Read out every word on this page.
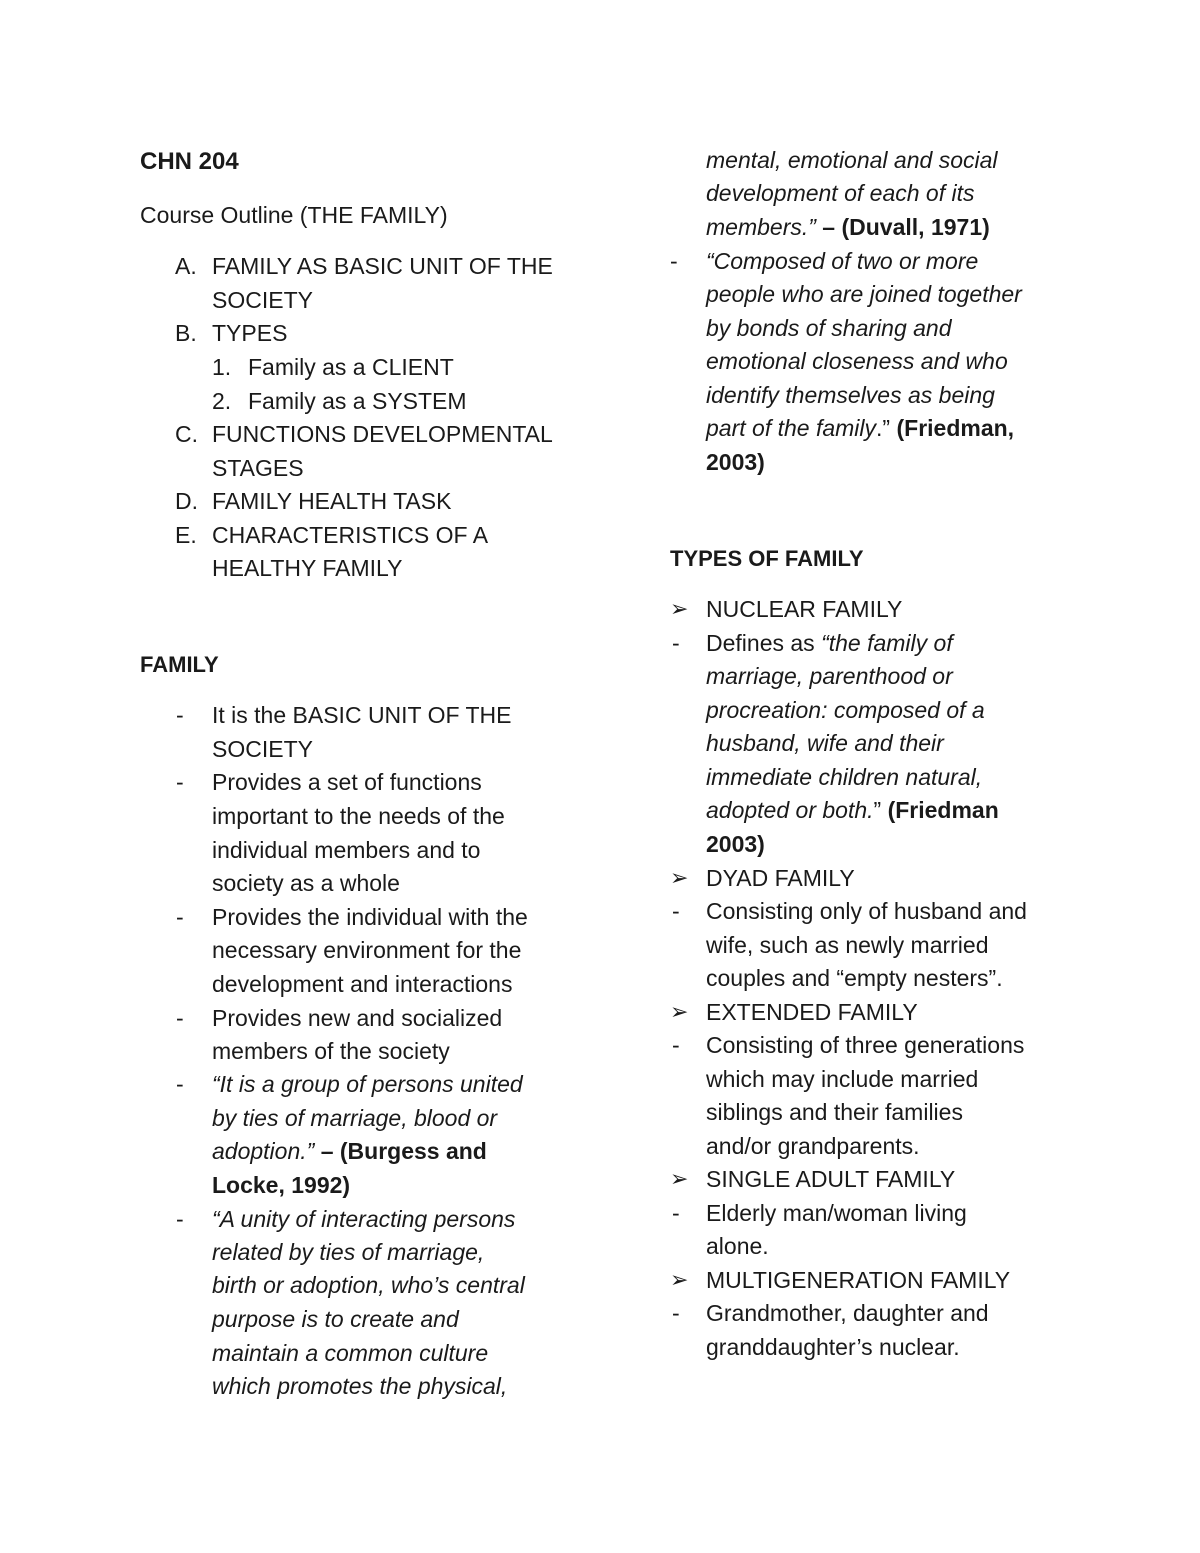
CHN 204
Course Outline (THE FAMILY)
A. FAMILY AS BASIC UNIT OF THE
SOCIETY
B. TYPES
1. Family as a CLIENT
2. Family as a SYSTEM
C. FUNCTIONS DEVELOPMENTAL
STAGES
D. FAMILY HEALTH TASK
E. CHARACTERISTICS OF A
HEALTHY FAMILY
FAMILY
- It is the BASIC UNIT OF THE
SOCIETY
- Provides a set of functions
important to the needs of the
individual members and to
society as a whole
- Provides the individual with the
necessary environment for the
development and interactions
- Provides new and socialized
members of the society
- “It is a group of persons united
by ties of marriage, blood or
adoption.” – (Burgess and
Locke, 1992)
- “A unity of interacting persons
related by ties of marriage,
birth or adoption, who’s central
purpose is to create and
maintain a common culture
which promotes the physical,
mental, emotional and social
development of each of its
members.” – (Duvall, 1971)
- “Composed of two or more
people who are joined together
by bonds of sharing and
emotional closeness and who
identify themselves as being
part of the family.” (Friedman,
2003)
TYPES OF FAMILY
➢ NUCLEAR FAMILY
- Defines as “the family of
marriage, parenthood or
procreation: composed of a
husband, wife and their
immediate children natural,
adopted or both.” (Friedman
2003)
➢ DYAD FAMILY
- Consisting only of husband and
wife, such as newly married
couples and “empty nesters”.
➢ EXTENDED FAMILY
- Consisting of three generations
which may include married
siblings and their families
and/or grandparents.
➢ SINGLE ADULT FAMILY
- Elderly man/woman living
alone.
➢ MULTIGENERATION FAMILY
- Grandmother, daughter and
granddaughter’s nuclear.
